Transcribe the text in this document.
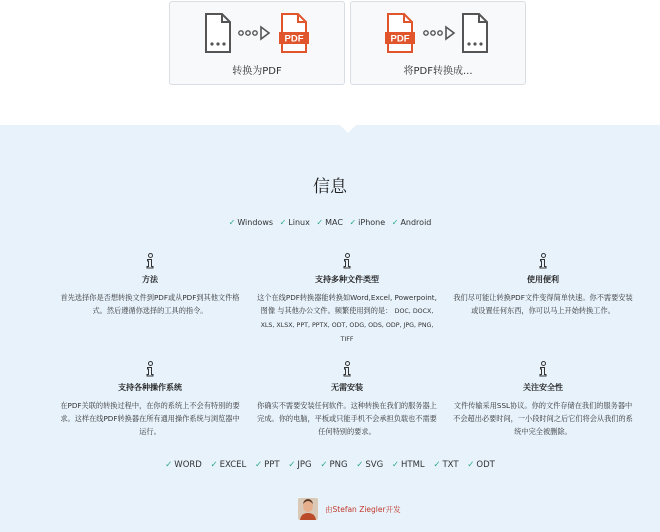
PDF
转换为PDF
PDF
将PDF转换成...
信息
✓ Windows ✓ Linux ✓ MAC ✓ iPhone ✓ Android
方法
首先选择你是否想转换文件到PDF或从PDF到其他文件格式。然后遵循你选择的工具的指令。
支持多种文件类型
这个在线PDF转换器能转换如Word,Excel, Powerpoint,图像 与其他办公文件。频繁使用到的是： DOC, DOCX, XLS, XLSX, PPT, PPTX, ODT, ODG, ODS, ODP, JPG, PNG, TIFF
使用便利
我们尽可能让转换PDF文件变得简单快速。你不需要安装或设置任何东西，你可以马上开始转换工作。
支持各种操作系统
在PDF关联的转换过程中，在你的系统上不会有特别的要求。这样在线PDF转换器在所有通用操作系统与浏览器中运行。
无需安装
你确实不需要安装任何软件。这种转换在我们的服务器上完成。你的电脑，平板或只能手机不会承担负载也不需要任何特别的要求。
关注安全性
文件传输采用SSL协议。你的文件存储在我们的服务器中不会超出必要时间，一小段时间之后它们将会从我们的系统中完全被删除。
✓ WORD ✓ EXCEL ✓ PPT ✓ JPG ✓ PNG ✓ SVG ✓ HTML ✓ TXT ✓ ODT
由Stefan Ziegler开发
